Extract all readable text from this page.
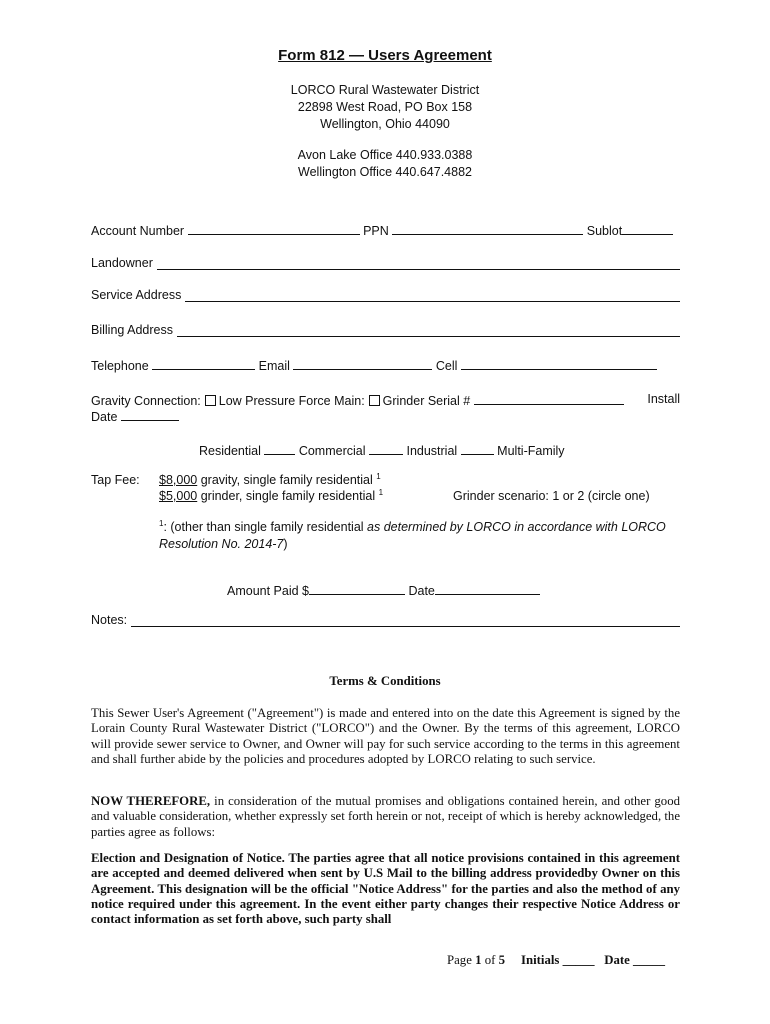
Form 812 — Users Agreement
LORCO Rural Wastewater District
22898 West Road, PO Box 158
Wellington, Ohio 44090
Avon Lake Office 440.933.0388
Wellington Office 440.647.4882
Account Number	PPN	Sublot
Landowner
Service Address
Billing Address
Telephone	Email	Cell
Gravity Connection: Low Pressure Force Main: Grinder Serial #	Install
Date
Residential	Commercial	Industrial	Multi-Family
Tap Fee: $8,000 gravity, single family residential $^1$
$5,000 grinder, single family residential $^1$	Grinder scenario: 1 or 2 (circle one)
$^1$: (other than single family residential as determined by LORCO in accordance with LORCO Resolution No. 2014-7)
Amount Paid $	Date
Notes:
Terms & Conditions
This Sewer User's Agreement ("Agreement") is made and entered into on the date this Agreement is signed by the Lorain County Rural Wastewater District ("LORCO") and the Owner. By the terms of this agreement, LORCO will provide sewer service to Owner, and Owner will pay for such service according to the terms in this agreement and shall further abide by the policies and procedures adopted by LORCO relating to such service.
NOW THEREFORE, in consideration of the mutual promises and obligations contained herein, and other good and valuable consideration, whether expressly set forth herein or not, receipt of which is hereby acknowledged, the parties agree as follows:
Election and Designation of Notice. The parties agree that all notice provisions contained in this agreement are accepted and deemed delivered when sent by U.S Mail to the billing address providedby Owner on this Agreement. This designation will be the official "Notice Address" for the parties and also the method of any notice required under this agreement. In the event either party changes their respective Notice Address or contact information as set forth above, such party shall
Page 1 of 5 Initials _____ Date _____
